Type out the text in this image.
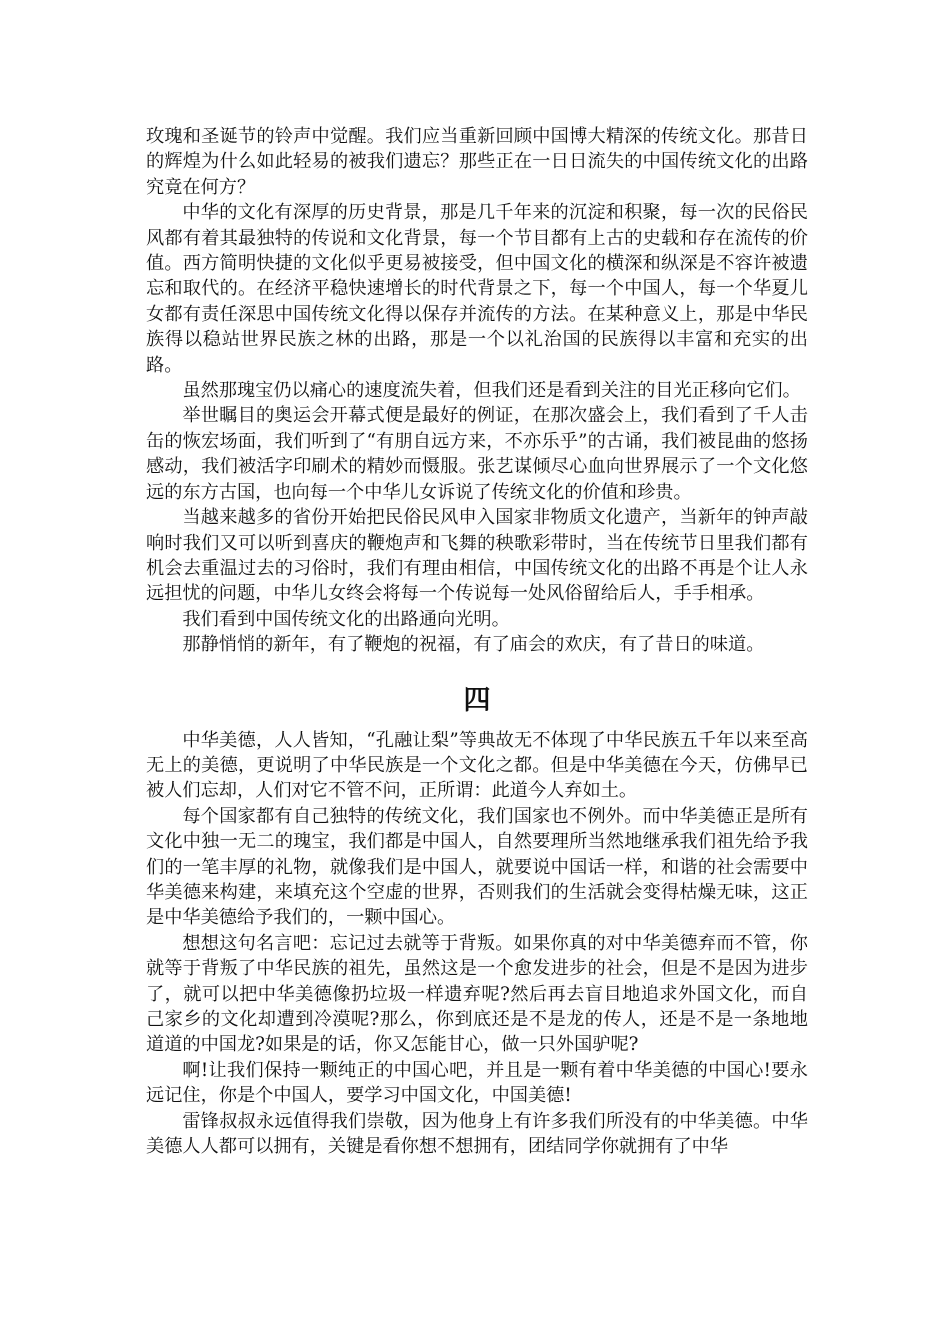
玫瑰和圣诞节的铃声中觉醒。我们应当重新回顾中国博大精深的传统文化。那昔日的辉煌为什么如此轻易的被我们遗忘？那些正在一日日流失的中国传统文化的出路究竟在何方？

中华的文化有深厚的历史背景，那是几千年来的沉淀和积聚，每一次的民俗民风都有着其最独特的传说和文化背景，每一个节目都有上古的史载和存在流传的价值。西方简明快捷的文化似乎更易被接受，但中国文化的横深和纵深是不容许被遗忘和取代的。在经济平稳快速增长的时代背景之下，每一个中国人，每一个华夏儿女都有责任深思中国传统文化得以保存并流传的方法。在某种意义上，那是中华民族得以稳站世界民族之林的出路，那是一个以礼治国的民族得以丰富和充实的出路。

虽然那瑰宝仍以痛心的速度流失着，但我们还是看到关注的目光正移向它们。

举世瞩目的奥运会开幕式便是最好的例证，在那次盛会上，我们看到了千人击缶的恢宏场面，我们听到了“有朋自远方来，不亦乐乎”的古诵，我们被昆曲的悠扬感动，我们被活字印刷术的精妙而慑服。张艺谋倾尽心血向世界展示了一个文化悠远的东方古国，也向每一个中华儿女诉说了传统文化的价值和珍贵。

当越来越多的省份开始把民俗民风申入国家非物质文化遗产，当新年的钟声敲响时我们又可以听到喜庆的鞭炮声和飞舞的秧歌彩带时，当在传统节日里我们都有机会去重温过去的习俗时，我们有理由相信，中国传统文化的出路不再是个让人永远担忧的问题，中华儿女终会将每一个传说每一处风俗留给后人，手手相承。

我们看到中国传统文化的出路通向光明。

那静悄悄的新年，有了鞭炮的祝福，有了庙会的欢庆，有了昔日的味道。

四

中华美德，人人皆知，“孔融让梨”等典故无不体现了中华民族五千年以来至高无上的美德，更说明了中华民族是一个文化之都。但是中华美德在今天，仿佛早已被人们忘却，人们对它不管不问，正所谓：此道今人弃如土。

每个国家都有自己独特的传统文化，我们国家也不例外。而中华美德正是所有文化中独一无二的瑰宝，我们都是中国人，自然要理所当然地继承我们祖先给予我们的一笔丰厚的礼物，就像我们是中国人，就要说中国话一样，和谐的社会需要中华美德来构建，来填充这个空虚的世界，否则我们的生活就会变得枯燥无味，这正是中华美德给予我们的，一颗中国心。

想想这句名言吧：忘记过去就等于背叛。如果你真的对中华美德弃而不管，你就等于背叛了中华民族的祖先，虽然这是一个愈发进步的社会，但是不是因为进步了，就可以把中华美德像扔垃圾一样遗弃呢?然后再去盲目地追求外国文化，而自己家乡的文化却遭到冷漠呢?那么，你到底还是不是龙的传人，还是不是一条地地道道的中国龙?如果是的话，你又怎能甘心，做一只外国驴呢?

啊!让我们保持一颗纯正的中国心吧，并且是一颗有着中华美德的中国心!要永远记住，你是个中国人，要学习中国文化，中国美德!

雷锋叔叔永远值得我们崇敬，因为他身上有许多我们所没有的中华美德。中华美德人人都可以拥有，关键是看你想不想拥有，团结同学你就拥有了中华
